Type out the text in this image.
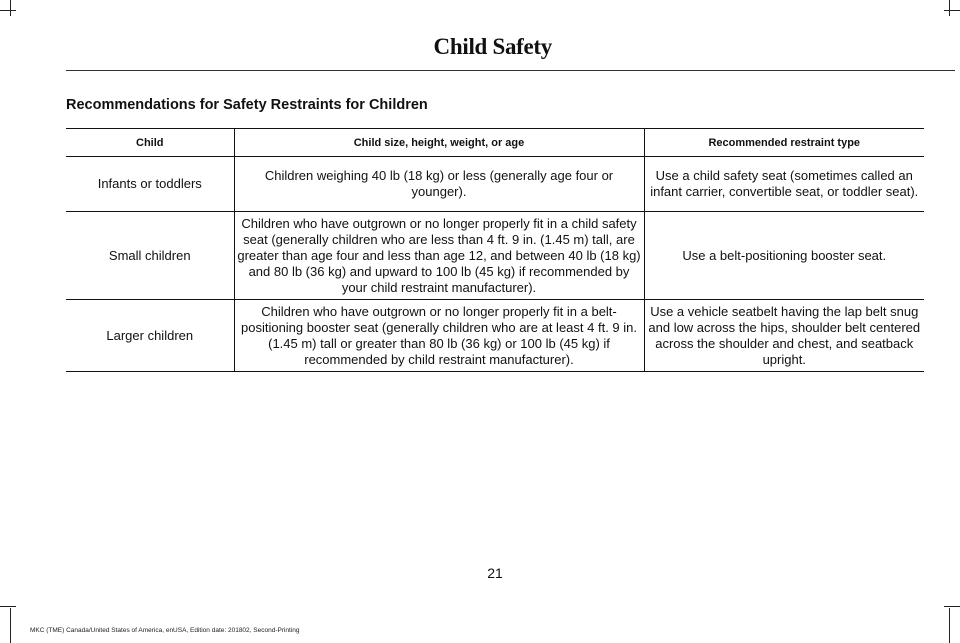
Child Safety
Recommendations for Safety Restraints for Children
Child	Child size, height, weight, or age	Recommended restraint type
Infants or toddlers	Children weighing 40 lb (18 kg) or less (generally age four or younger).	Use a child safety seat (sometimes called an infant carrier, convertible seat, or toddler seat).
Small children	Children who have outgrown or no longer properly fit in a child safety seat (generally children who are less than 4 ft. 9 in. (1.45 m) tall, are greater than age four and less than age 12, and between 40 lb (18 kg) and 80 lb (36 kg) and upward to 100 lb (45 kg) if recommended by your child restraint manufacturer).	Use a belt-positioning booster seat.
Larger children	Children who have outgrown or no longer properly fit in a belt-positioning booster seat (generally children who are at least 4 ft. 9 in. (1.45 m) tall or greater than 80 lb (36 kg) or 100 lb (45 kg) if recommended by child restraint manufacturer).	Use a vehicle seatbelt having the lap belt snug and low across the hips, shoulder belt centered across the shoulder and chest, and seatback upright.
21
MKC (TME) Canada/United States of America, enUSA, Edition date: 201802, Second-Printing
